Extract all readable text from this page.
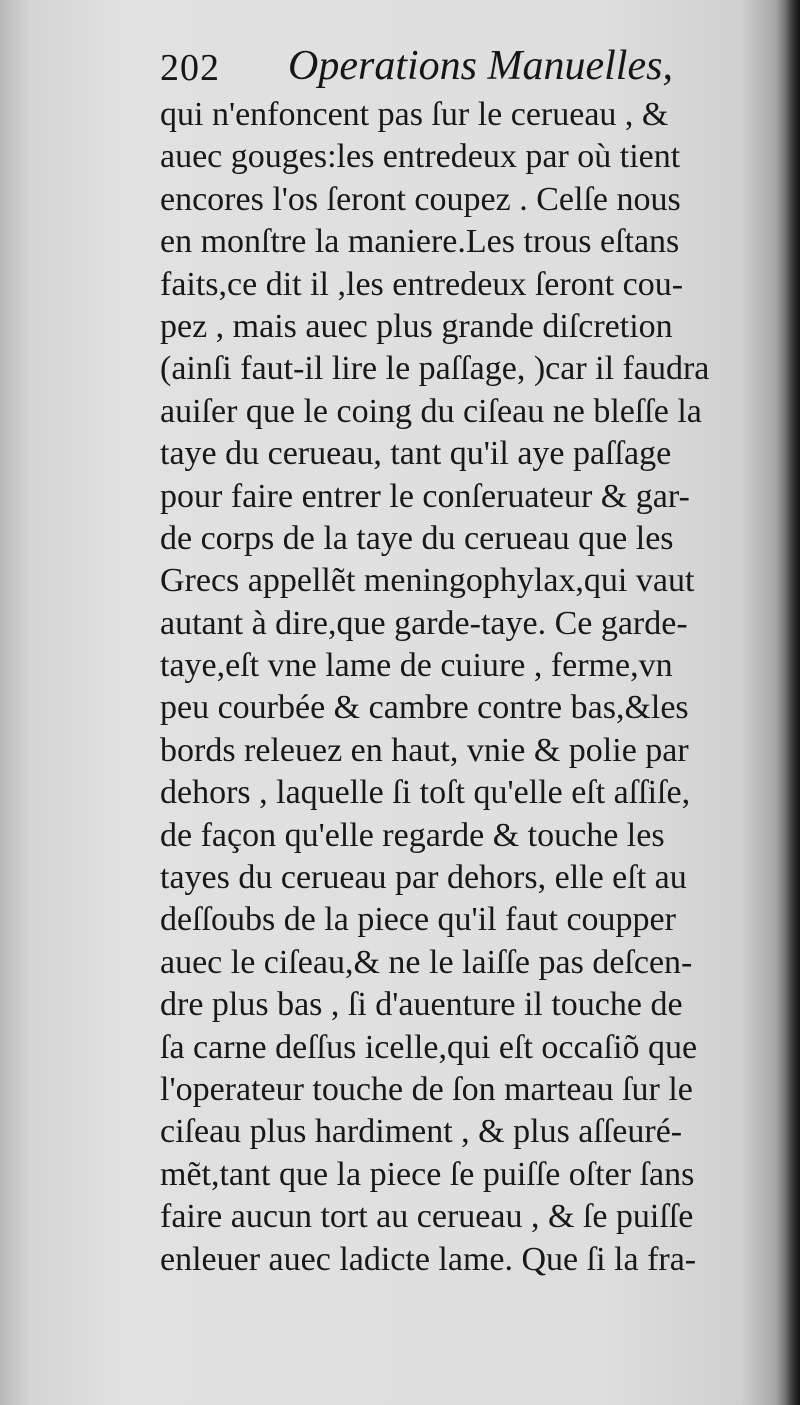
202 Operations Manuelles,
qui n'enfoncent pas ſur le cerueau , &
auec gouges:les entredeux par où tient
encores l'os ſeront coupez . Celſe nous
en monſtre la maniere.Les trous eſtans
faits,ce dit il ,les entredeux ſeront cou-
pez , mais auec plus grande diſcretion
(ainſi faut-il lire le paſſage, )car il faudra
auiſer que le coing du ciſeau ne bleſſe la
taye du cerueau, tant qu'il aye paſſage
pour faire entrer le conſeruateur & gar-
de corps de la taye du cerueau que les
Grecs appellẽt meningophylax,qui vaut
autant à dire,que garde-taye. Ce garde-
taye,eſt vne lame de cuiure , ferme,vn
peu courbée & cambre contre bas,&les
bords releuez en haut, vnie & polie par
dehors , laquelle ſi toſt qu'elle eſt aſſiſe,
de façon qu'elle regarde & touche les
tayes du cerueau par dehors, elle eſt au
deſſoubs de la piece qu'il faut coupper
auec le ciſeau,& ne le laiſſe pas deſcen-
dre plus bas , ſi d'auenture il touche de
ſa carne deſſus icelle,qui eſt occaſiõ que
l'operateur touche de ſon marteau ſur le
ciſeau plus hardiment , & plus aſſeuré-
mẽt,tant que la piece ſe puiſſe oſter ſans
faire aucun tort au cerueau , & ſe puiſſe
enleuer auec ladicte lame. Que ſi la fra-
